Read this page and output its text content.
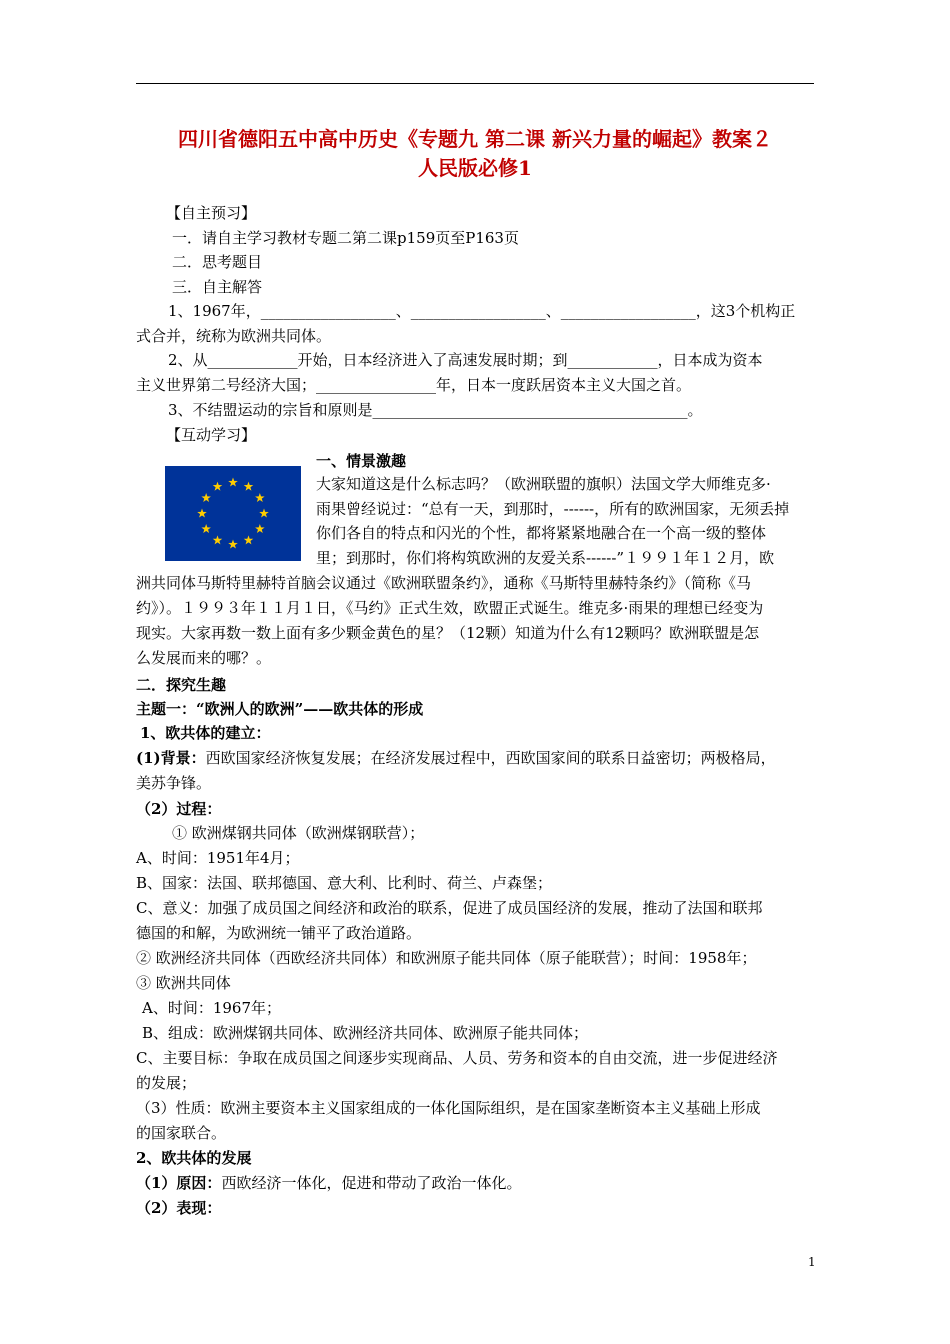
四川省德阳五中高中历史《专题九 第二课 新兴力量的崛起》教案２
人民版必修1
【自主预习】
一．请自主学习教材专题二第二课p159页至P163页
二．思考题目
三．自主解答
1、1967年，__________________、__________________、__________________，这3个机构正
式合并，统称为欧洲共同体。
2、从____________开始，日本经济进入了高速发展时期；到____________，日本成为资本
主义世界第二号经济大国；________________年，日本一度跃居资本主义大国之首。
3、不结盟运动的宗旨和原则是__________________________________________。
【互动学习】
一、情景激趣
大家知道这是什么标志吗？（欧洲联盟的旗帜）法国文学大师维克多·
雨果曾经说过：“总有一天，到那时，------，所有的欧洲国家，无须丢掉
你们各自的特点和闪光的个性，都将紧紧地融合在一个高一级的整体
里；到那时，你们将构筑欧洲的友爱关系------”１９９１年１２月，欧
洲共同体马斯特里赫特首脑会议通过《欧洲联盟条约》，通称《马斯特里赫特条约》（简称《马
约》）。１９９３年１１月１日，《马约》正式生效，欧盟正式诞生。维克多·雨果的理想已经变为
现实。大家再数一数上面有多少颗金黄色的星？（12颗）知道为什么有12颗吗？欧洲联盟是怎
么发展而来的哪？。
二．探究生趣
主题一：“欧洲人的欧洲”——欧共体的形成
1、欧共体的建立：
(1)背景：西欧国家经济恢复发展；在经济发展过程中，西欧国家间的联系日益密切；两极格局，
美苏争锋。
（2）过程：
① 欧洲煤钢共同体（欧洲煤钢联营）；
A、时间：1951年4月；
B、国家：法国、联邦德国、意大利、比利时、荷兰、卢森堡；
C、意义：加强了成员国之间经济和政治的联系，促进了成员国经济的发展，推动了法国和联邦
德国的和解，为欧洲统一铺平了政治道路。
② 欧洲经济共同体（西欧经济共同体）和欧洲原子能共同体（原子能联营）；时间：1958年；
③ 欧洲共同体
A、时间：1967年；
B、组成：欧洲煤钢共同体、欧洲经济共同体、欧洲原子能共同体；
C、主要目标：争取在成员国之间逐步实现商品、人员、劳务和资本的自由交流，进一步促进经济
的发展；
（3）性质：欧洲主要资本主义国家组成的一体化国际组织，是在国家垄断资本主义基础上形成
的国家联合。
2、欧共体的发展
（1）原因：西欧经济一体化，促进和带动了政治一体化。
（2）表现：
1
